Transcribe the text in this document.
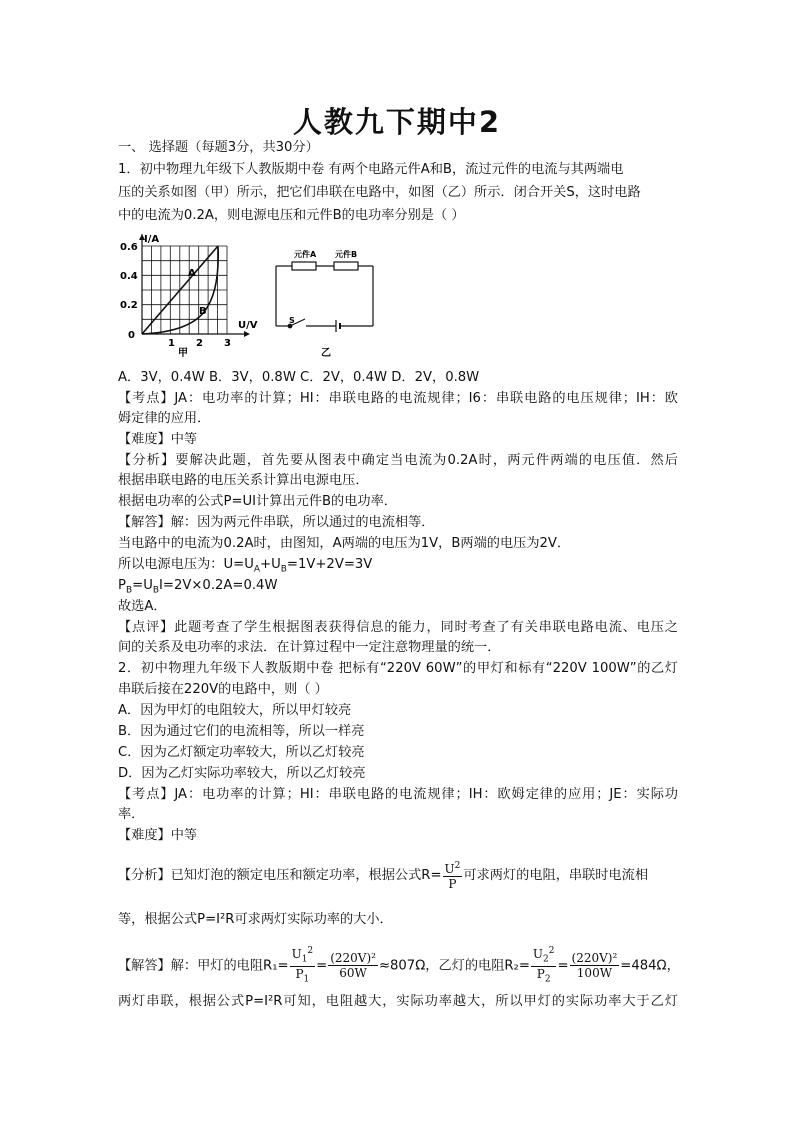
人教九下期中2
一、 选择题（每题3分，共30分）
1．初中物理九年级下人教版期中卷 有两个电路元件A和B，流过元件的电流与其两端电
压的关系如图（甲）所示，把它们串联在电路中，如图（乙）所示．闭合开关S，这时电路
中的电流为0.2A，则电源电压和元件B的电功率分别是（ ）
I/A
U/V
0.6
0.4
0.2
0
1 2 3
A
B
甲
元件A 元件B
S
乙
A．3V，0.4W B．3V，0.8W C．2V，0.4W D．2V，0.8W
【考点】JA：电功率的计算；HI：串联电路的电流规律；I6：串联电路的电压规律；IH：欧
姆定律的应用．
【难度】中等
【分析】要解决此题，首先要从图表中确定当电流为0.2A时，两元件两端的电压值．然后
根据串联电路的电压关系计算出电源电压．
根据电功率的公式P=UI计算出元件B的电功率．
【解答】解：因为两元件串联，所以通过的电流相等．
当电路中的电流为0.2A时，由图知，A两端的电压为1V，B两端的电压为2V．
所以电源电压为：$U=U_A+U_B=1V+2V=3V$
$P_B=U_BI=2V\times 0.2A=0.4W$
故选A．
【点评】此题考查了学生根据图表获得信息的能力，同时考查了有关串联电路电流、电压之
间的关系及电功率的求法．在计算过程中一定注意物理量的统一．
2．初中物理九年级下人教版期中卷 把标有“220V 60W”的甲灯和标有“220V 100W”的乙灯
串联后接在220V的电路中，则（ ）
A．因为甲灯的电阻较大，所以甲灯较亮
B．因为通过它们的电流相等，所以一样亮
C．因为乙灯额定功率较大，所以乙灯较亮
D．因为乙灯实际功率较大，所以乙灯较亮
【考点】JA：电功率的计算；HI：串联电路的电流规律；IH：欧姆定律的应用；JE：实际功
率．
【难度】中等
【分析】已知灯泡的额定电压和额定功率，根据公式$R= \frac{U^2}{P}$ 可求两灯的电阻，串联时电流相
等，根据公式P=I²R可求两灯实际功率的大小．
【解答】解：甲灯的电阻$R_1= \frac{U_1^2}{P_1} = \frac{\text{(220V)²}}{60W} \approx 807\Omega$，乙灯的电阻$R_2= \frac{U_2^2}{P_2} = \frac{\text{(220V)²}}{100W} =484\Omega$，
两灯串联，根据公式P=I²R可知，电阻越大，实际功率越大，所以甲灯的实际功率大于乙灯
